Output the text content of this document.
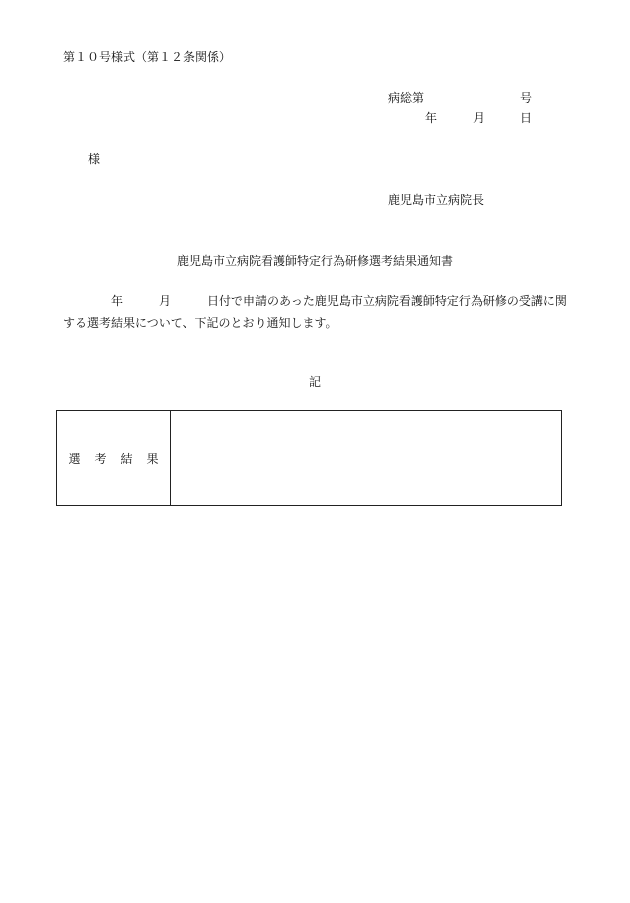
第１０号様式（第１２条関係）
病総第	号
年	月	日
様
鹿児島市立病院長
鹿児島市立病院看護師特定行為研修選考結果通知書
年	月	日付で申請のあった鹿児島市立病院看護師特定行為研修の受講に関
する選考結果について、下記のとおり通知します。
記
選考結果
